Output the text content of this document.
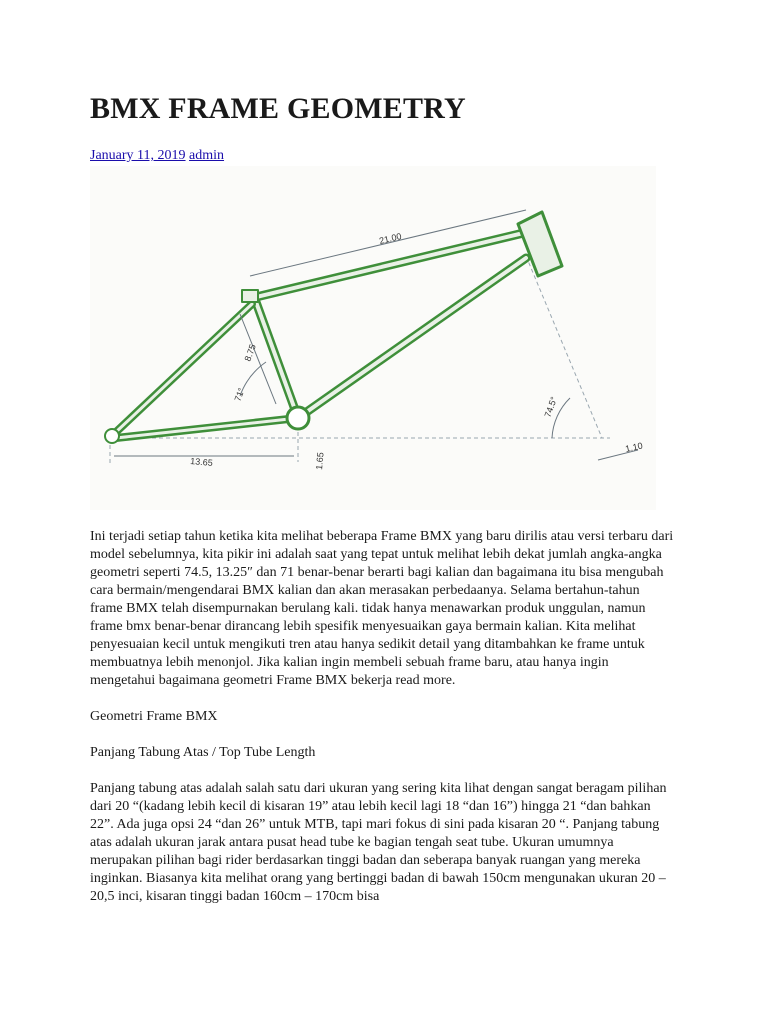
BMX FRAME GEOMETRY
January 11, 2019 admin
21.00
8.75
71°
74.5°
13.65	1.65
1.10

Ini terjadi setiap tahun ketika kita melihat beberapa Frame BMX yang baru dirilis atau versi terbaru dari model sebelumnya, kita pikir ini adalah saat yang tepat untuk melihat lebih dekat jumlah angka-angka geometri seperti 74.5, 13.25″ dan 71 benar-benar berarti bagi kalian dan bagaimana itu bisa mengubah cara bermain/mengendarai BMX kalian dan akan merasakan perbedaanya. Selama bertahun-tahun frame BMX telah disempurnakan berulang kali. tidak hanya menawarkan produk unggulan, namun frame bmx benar-benar dirancang lebih spesifik menyesuaikan gaya bermain kalian. Kita melihat penyesuaian kecil untuk mengikuti tren atau hanya sedikit detail yang ditambahkan ke frame untuk membuatnya lebih menonjol. Jika kalian ingin membeli sebuah frame baru, atau hanya ingin mengetahui bagaimana geometri Frame BMX bekerja read more.

Geometri Frame BMX

Panjang Tabung Atas / Top Tube Length

Panjang tabung atas adalah salah satu dari ukuran yang sering kita lihat dengan sangat beragam pilihan dari 20 “(kadang lebih kecil di kisaran 19” atau lebih kecil lagi 18 “dan 16”) hingga 21 “dan bahkan 22”. Ada juga opsi 24 “dan 26” untuk MTB, tapi mari fokus di sini pada kisaran 20 “. Panjang tabung atas adalah ukuran jarak antara pusat head tube ke bagian tengah seat tube. Ukuran umumnya merupakan pilihan bagi rider berdasarkan tinggi badan dan seberapa banyak ruangan yang mereka inginkan. Biasanya kita melihat orang yang bertinggi badan di bawah 150cm mengunakan ukuran 20 – 20,5 inci, kisaran tinggi badan 160cm – 170cm bisa
